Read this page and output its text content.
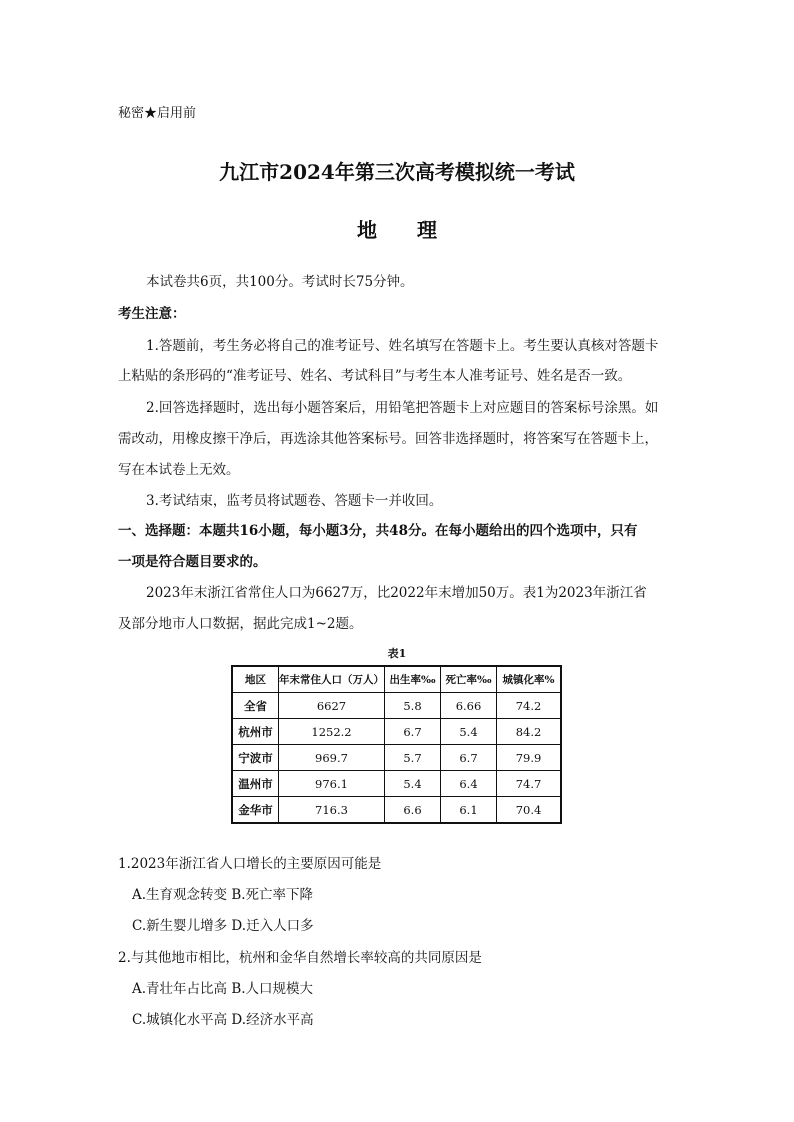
秘密★启用前
九江市2024年第三次高考模拟统一考试
地理
本试卷共6页，共100分。考试时长75分钟。
考生注意：
1.答题前，考生务必将自己的准考证号、姓名填写在答题卡上。考生要认真核对答题卡
上粘贴的条形码的“准考证号、姓名、考试科目”与考生本人准考证号、姓名是否一致。
2.回答选择题时，选出每小题答案后，用铅笔把答题卡上对应题目的答案标号涂黑。如
需改动，用橡皮擦干净后，再选涂其他答案标号。回答非选择题时，将答案写在答题卡上，
写在本试卷上无效。
3.考试结束，监考员将试题卷、答题卡一并收回。
一、选择题：本题共16小题，每小题3分，共48分。在每小题给出的四个选项中，只有
一项是符合题目要求的。
2023年末浙江省常住人口为6627万，比2022年末增加50万。表1为2023年浙江省
及部分地市人口数据，据此完成1~2题。
表1
地区	年末常住人口（万人）	出生率‰	死亡率‰	城镇化率%
全省	6627	5.8	6.66	74.2
杭州市	1252.2	6.7	5.4	84.2
宁波市	969.7	5.7	6.7	79.9
温州市	976.1	5.4	6.4	74.7
金华市	716.3	6.6	6.1	70.4
1.2023年浙江省人口增长的主要原因可能是
A.生育观念转变 B.死亡率下降
C.新生婴儿增多 D.迁入人口多
2.与其他地市相比，杭州和金华自然增长率较高的共同原因是
A.青壮年占比高 B.人口规模大
C.城镇化水平高 D.经济水平高
